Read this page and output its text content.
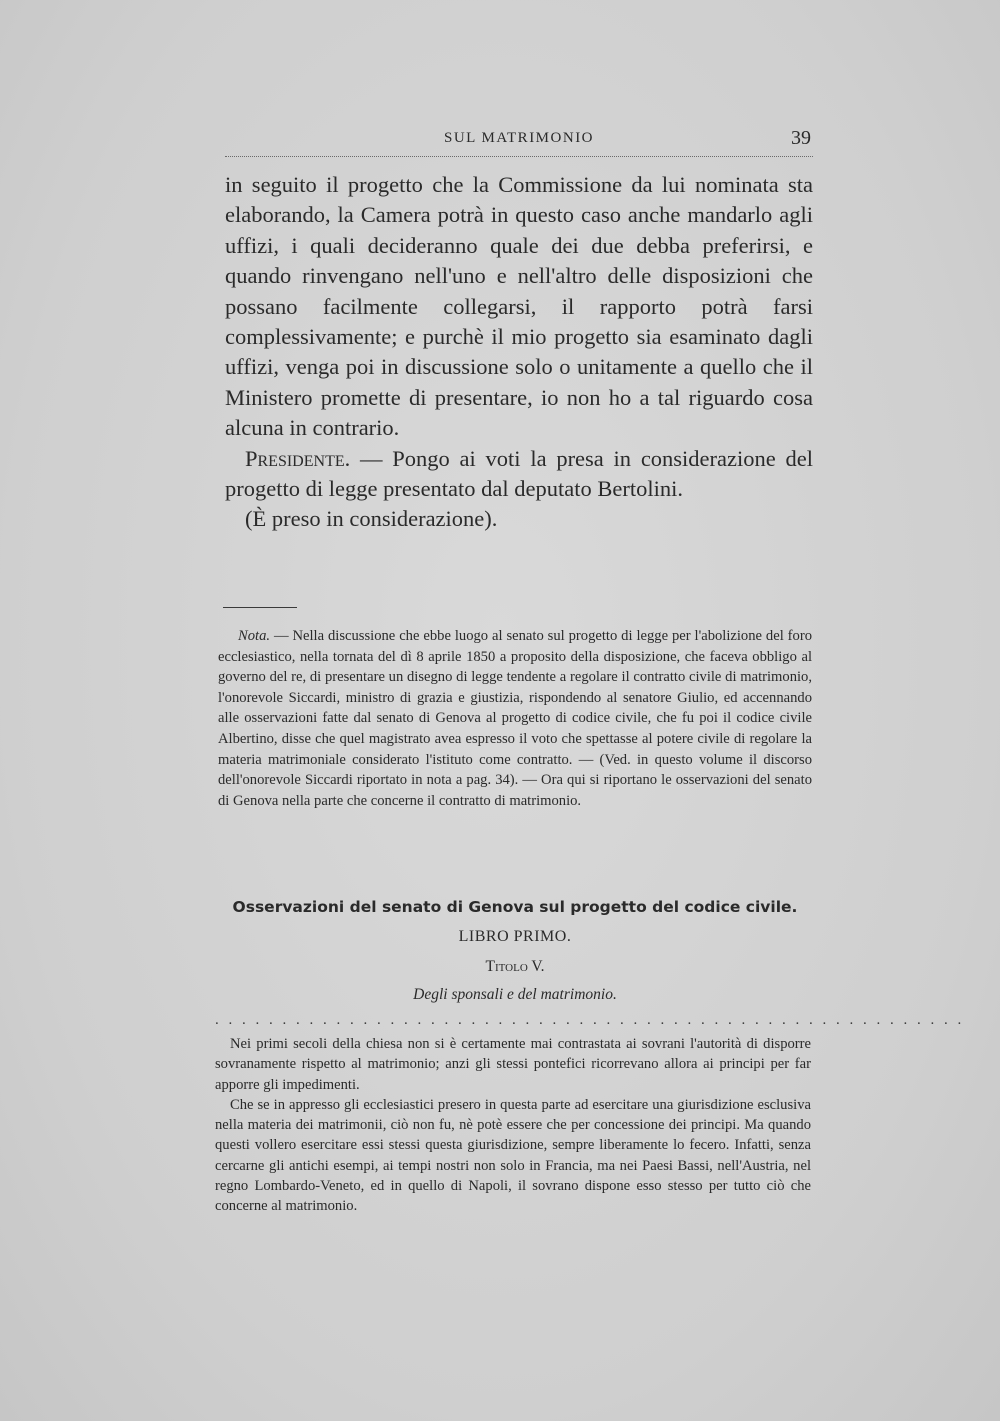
SUL MATRIMONIO	39

in seguito il progetto che la Commissione da lui nominata sta elaborando, la Camera potrà in questo caso anche mandarlo agli uffizi, i quali decideranno quale dei due debba preferirsi, e quando rinvengano nell'uno e nell'altro delle disposizioni che possano facilmente collegarsi, il rapporto potrà farsi complessivamente; e purchè il mio progetto sia esaminato dagli uffizi, venga poi in discussione solo o unitamente a quello che il Ministero promette di presentare, io non ho a tal riguardo cosa alcuna in contrario.

Presidente. — Pongo ai voti la presa in considerazione del progetto di legge presentato dal deputato Bertolini.

(È preso in considerazione).

Nota. — Nella discussione che ebbe luogo al senato sul progetto di legge per l'abolizione del foro ecclesiastico, nella tornata del dì 8 aprile 1850 a proposito della disposizione, che faceva obbligo al governo del re, di presentare un disegno di legge tendente a regolare il contratto civile di matrimonio, l'onorevole Siccardi, ministro di grazia e giustizia, rispondendo al senatore Giulio, ed accennando alle osservazioni fatte dal senato di Genova al progetto di codice civile, che fu poi il codice civile Albertino, disse che quel magistrato avea espresso il voto che spettasse al potere civile di regolare la materia matrimoniale considerato l'istituto come contratto. — (Ved. in questo volume il discorso dell'onorevole Siccardi riportato in nota a pag. 34). — Ora qui si riportano le osservazioni del senato di Genova nella parte che concerne il contratto di matrimonio.

Osservazioni del senato di Genova sul progetto del codice civile.
LIBRO PRIMO.
Titolo V.
Degli sponsali e del matrimonio.
. . . . . . . . . . . . . . . . . . . . . . . . . . . . . . . . . . . . . . . . . . . . . . . . . . . . . . . .

Nei primi secoli della chiesa non si è certamente mai contrastata ai sovrani l'autorità di disporre sovranamente rispetto al matrimonio; anzi gli stessi pontefici ricorrevano allora ai principi per far apporre gli impedimenti.

Che se in appresso gli ecclesiastici presero in questa parte ad esercitare una giurisdizione esclusiva nella materia dei matrimonii, ciò non fu, nè potè essere che per concessione dei principi. Ma quando questi vollero esercitare essi stessi questa giurisdizione, sempre liberamente lo fecero. Infatti, senza cercarne gli antichi esempi, ai tempi nostri non solo in Francia, ma nei Paesi Bassi, nell'Austria, nel regno Lombardo-Veneto, ed in quello di Napoli, il sovrano dispone esso stesso per tutto ciò che concerne al matrimonio.
